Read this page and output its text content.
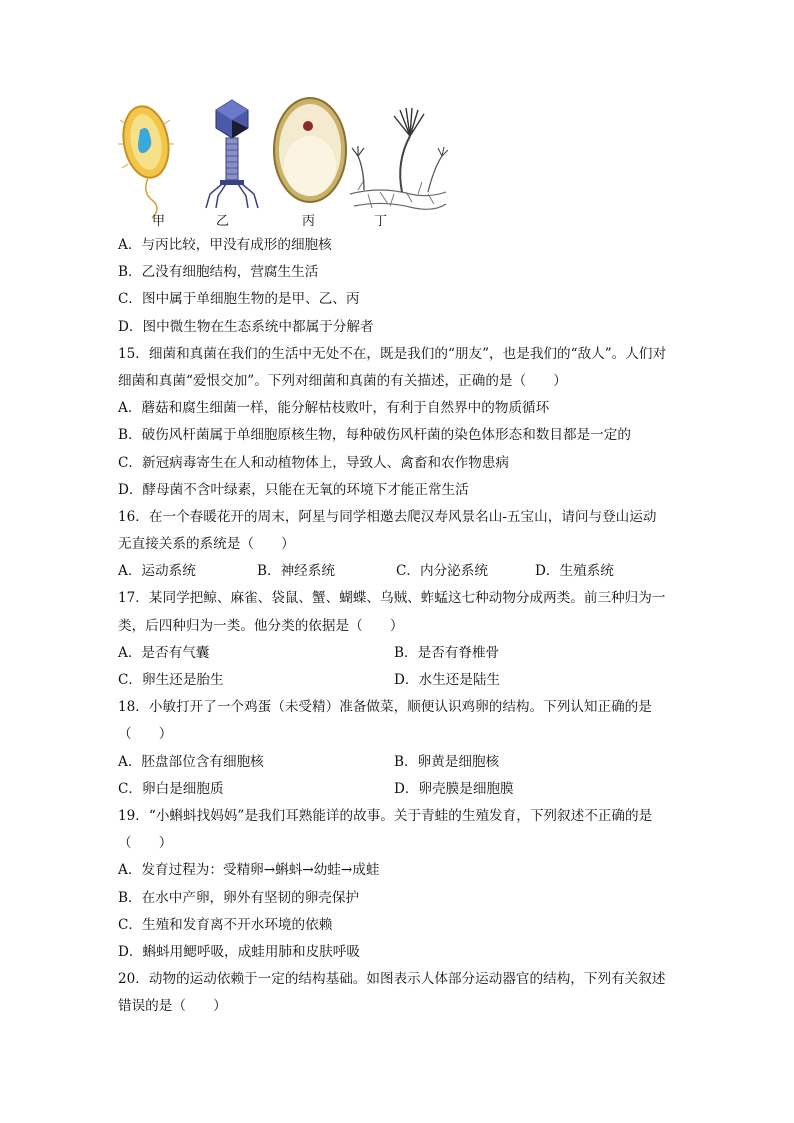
甲	乙	丙	丁
A．与丙比较，甲没有成形的细胞核
B．乙没有细胞结构，营腐生生活
C．图中属于单细胞生物的是甲、乙、丙
D．图中微生物在生态系统中都属于分解者
15．细菌和真菌在我们的生活中无处不在，既是我们的“朋友”，也是我们的“敌人”。人们对
细菌和真菌“爱恨交加”。下列对细菌和真菌的有关描述，正确的是（　　）
A．蘑菇和腐生细菌一样，能分解枯枝败叶，有利于自然界中的物质循环
B．破伤风杆菌属于单细胞原核生物，每种破伤风杆菌的染色体形态和数目都是一定的
C．新冠病毒寄生在人和动植物体上，导致人、禽畜和农作物患病
D．酵母菌不含叶绿素，只能在无氧的环境下才能正常生活
16．在一个春暖花开的周末，阿星与同学相邀去爬汉寿风景名山-五宝山，请问与登山运动
无直接关系的系统是（　　）
A．运动系统	B．神经系统	C．内分泌系统	D．生殖系统
17．某同学把鲸、麻雀、袋鼠、蟹、蝴蝶、乌贼、蚱蜢这七种动物分成两类。前三种归为一
类，后四种归为一类。他分类的依据是（　　）
A．是否有气囊	B．是否有脊椎骨
C．卵生还是胎生	D．水生还是陆生
18．小敏打开了一个鸡蛋（未受精）准备做菜，顺便认识鸡卵的结构。下列认知正确的是
（　　）
A．胚盘部位含有细胞核	B．卵黄是细胞核
C．卵白是细胞质	D．卵壳膜是细胞膜
19．“小蝌蚪找妈妈”是我们耳熟能详的故事。关于青蛙的生殖发育，下列叙述不正确的是
（　　）
A．发育过程为：受精卵→蝌蚪→幼蛙→成蛙
B．在水中产卵，卵外有坚韧的卵壳保护
C．生殖和发育离不开水环境的依赖
D．蝌蚪用鳃呼吸，成蛙用肺和皮肤呼吸
20．动物的运动依赖于一定的结构基础。如图表示人体部分运动器官的结构，下列有关叙述
错误的是（　　）
